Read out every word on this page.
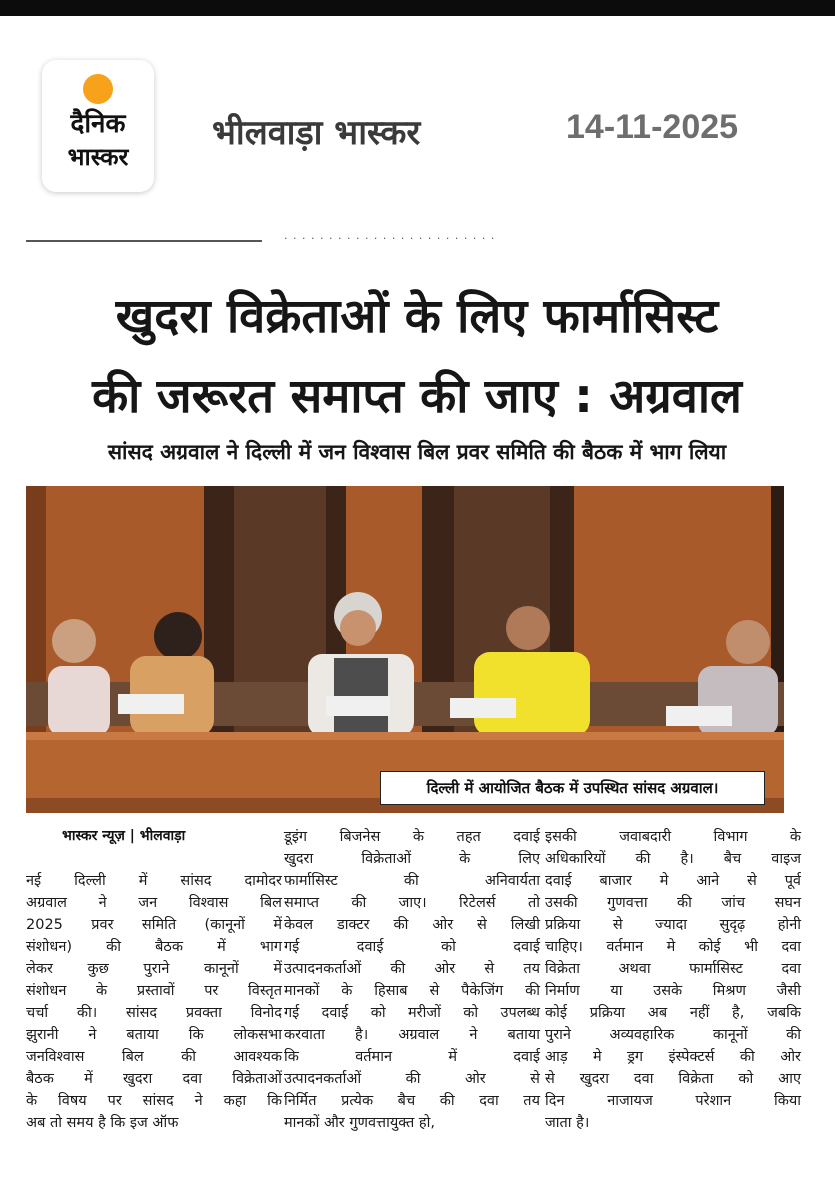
दैनिक
भास्कर
भीलवाड़ा भास्कर	14-11-2025
· · · · · · · · · · · · · · · · · · · · · · · ·
खुदरा विक्रेताओं के लिए फार्मासिस्ट
की जरूरत समाप्त की जाए : अग्रवाल
सांसद अग्रवाल ने दिल्ली में जन विश्वास बिल प्रवर समिति की बैठक में भाग लिया
दिल्ली में आयोजित बैठक में उपस्थित सांसद अग्रवाल।
भास्कर न्यूज़ | भीलवाड़ा

नई दिल्ली में सांसद दामोदर

अग्रवाल ने जन विश्वास बिल

2025 प्रवर समिति (कानूनों में

संशोधन) की बैठक में भाग

लेकर कुछ पुराने कानूनों में

संशोधन के प्रस्तावों पर विस्तृत

चर्चा की। सांसद प्रवक्ता विनोद

झुरानी ने बताया कि लोकसभा

जनविश्वास बिल की आवश्यक

बैठक में खुदरा दवा विक्रेताओं

के विषय पर सांसद ने कहा कि

अब तो समय है कि इज ऑफ

डूइंग बिजनेस के तहत दवाई

खुदरा विक्रेताओं के लिए

फार्मासिस्ट की अनिवार्यता

समाप्त की जाए। रिटेलर्स तो

केवल डाक्टर की ओर से लिखी

गई दवाई को दवाई

उत्पादनकर्ताओं की ओर से तय

मानकों के हिसाब से पैकेजिंग की

गई दवाई को मरीजों को उपलब्ध

करवाता है। अग्रवाल ने बताया

कि वर्तमान में दवाई

उत्पादनकर्ताओं की ओर से

निर्मित प्रत्येक बैच की दवा तय

मानकों और गुणवत्तायुक्त हो,

इसकी जवाबदारी विभाग के

अधिकारियों की है। बैच वाइज

दवाई बाजार मे आने से पूर्व

उसकी गुणवत्ता की जांच सघन

प्रक्रिया से ज्यादा सुदृढ़ होनी

चाहिए। वर्तमान मे कोई भी दवा

विक्रेता अथवा फार्मासिस्ट दवा

निर्माण या उसके मिश्रण जैसी

कोई प्रक्रिया अब नहीं है, जबकि

पुराने अव्यवहारिक कानूनों की

आड़ मे ड्रग इंस्पेक्टर्स की ओर

से खुदरा दवा विक्रेता को आए

दिन नाजायज परेशान किया

जाता है।
